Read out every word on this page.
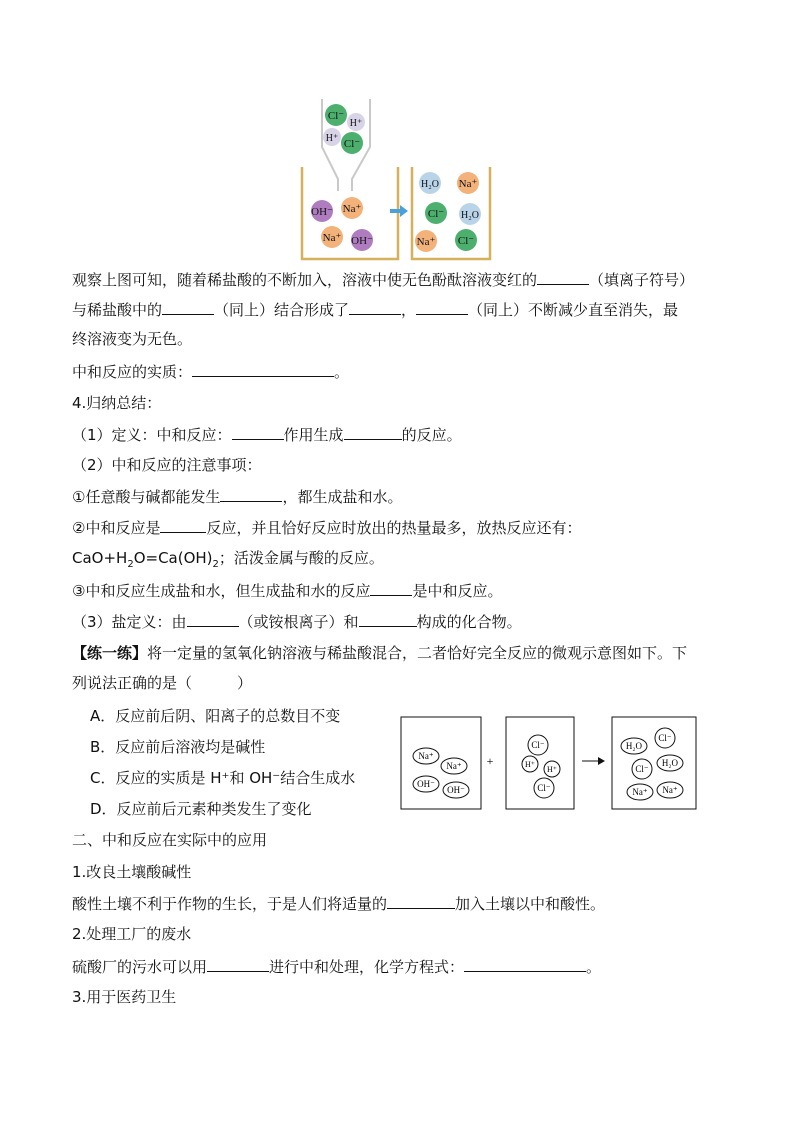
Cl⁻
H⁺
H⁺ Cl⁻
OH⁻ Na⁺
Na⁺ OH⁻
H₂O Na⁺
Cl⁻ H₂O
Na⁺ Cl⁻
观察上图可知，随着稀盐酸的不断加入，溶液中使无色酚酞溶液变红的	（填离子符号）
与稀盐酸中的	（同上）结合形成了	，	（同上）不断减少直至消失，最
终溶液变为无色。
中和反应的实质：	。
4.归纳总结：
（1）定义：中和反应：	作用生成	的反应。
（2）中和反应的注意事项：
①任意酸与碱都能发生	，都生成盐和水。
②中和反应是	反应，并且恰好反应时放出的热量最多，放热反应还有：
$CaO+H_2O=Ca(OH)_2$；活泼金属与酸的反应。
③中和反应生成盐和水，但生成盐和水的反应	是中和反应。
（3）盐定义：由	（或铵根离子）和	构成的化合物。
【练一练】将一定量的氢氧化钠溶液与稀盐酸混合，二者恰好完全反应的微观示意图如下。下
列说法正确的是（　　　）
A．反应前后阴、阳离子的总数目不变
B．反应前后溶液均是碱性
C．反应的实质是 H⁺和 OH⁻结合生成水
D．反应前后元素种类发生了变化
+
Na⁺
Na⁺
OH⁻
OH⁻
Cl⁻
H⁺
H⁺
Cl⁻
H₂O
Cl⁻
Cl⁻
H₂O
Na⁺ Na⁺
二、中和反应在实际中的应用
1.改良土壤酸碱性
酸性土壤不利于作物的生长，于是人们将适量的	加入土壤以中和酸性。
2.处理工厂的废水
硫酸厂的污水可以用	进行中和处理，化学方程式：	。
3.用于医药卫生
